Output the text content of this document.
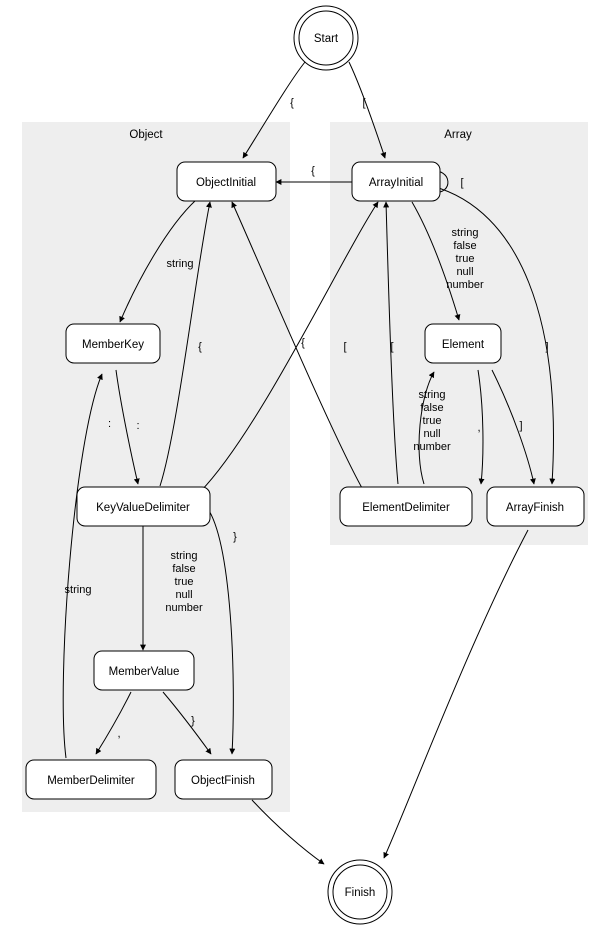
Start
ObjectInitial	ArrayInitial
MemberKey	Element
KeyValueDelimiter	ElementDelimiter	ArrayFinish
MemberValue
MemberDelimiter	ObjectFinish
Finish
Object	Array
{	[
{
[
string
:
{	[
{	[
string
,
}
}
,	]
]
string
false
true
null
number
string
false
true
null
number
string
false
true
null
number
:
